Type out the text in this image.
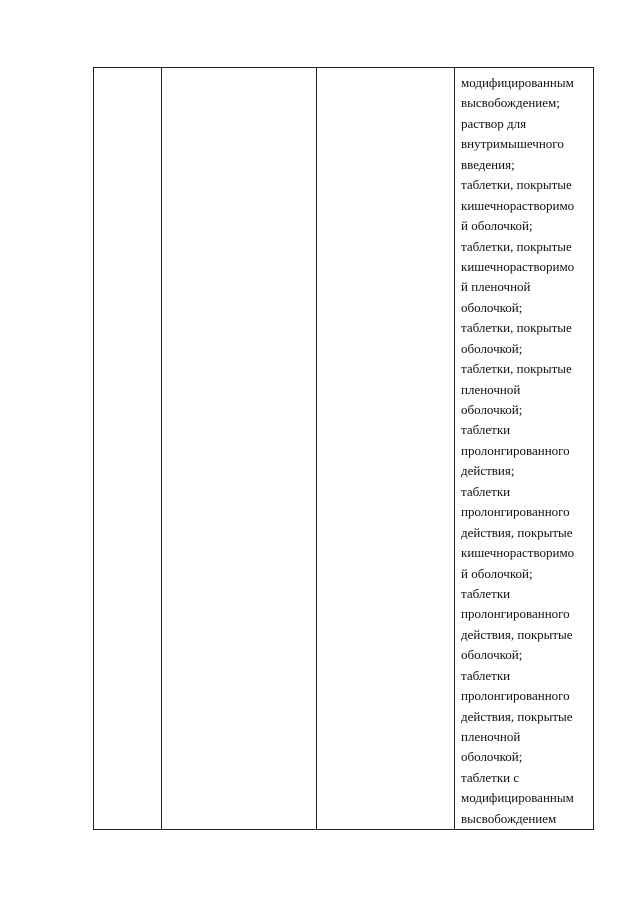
модифицированным
высвобождением;
раствор для
внутримышечного
введения;
таблетки, покрытые
кишечнорастворимо
й оболочкой;
таблетки, покрытые
кишечнорастворимо
й пленочной
оболочкой;
таблетки, покрытые
оболочкой;
таблетки, покрытые
пленочной
оболочкой;
таблетки
пролонгированного
действия;
таблетки
пролонгированного
действия, покрытые
кишечнорастворимо
й оболочкой;
таблетки
пролонгированного
действия, покрытые
оболочкой;
таблетки
пролонгированного
действия, покрытые
пленочной
оболочкой;
таблетки с
модифицированным
высвобождением
